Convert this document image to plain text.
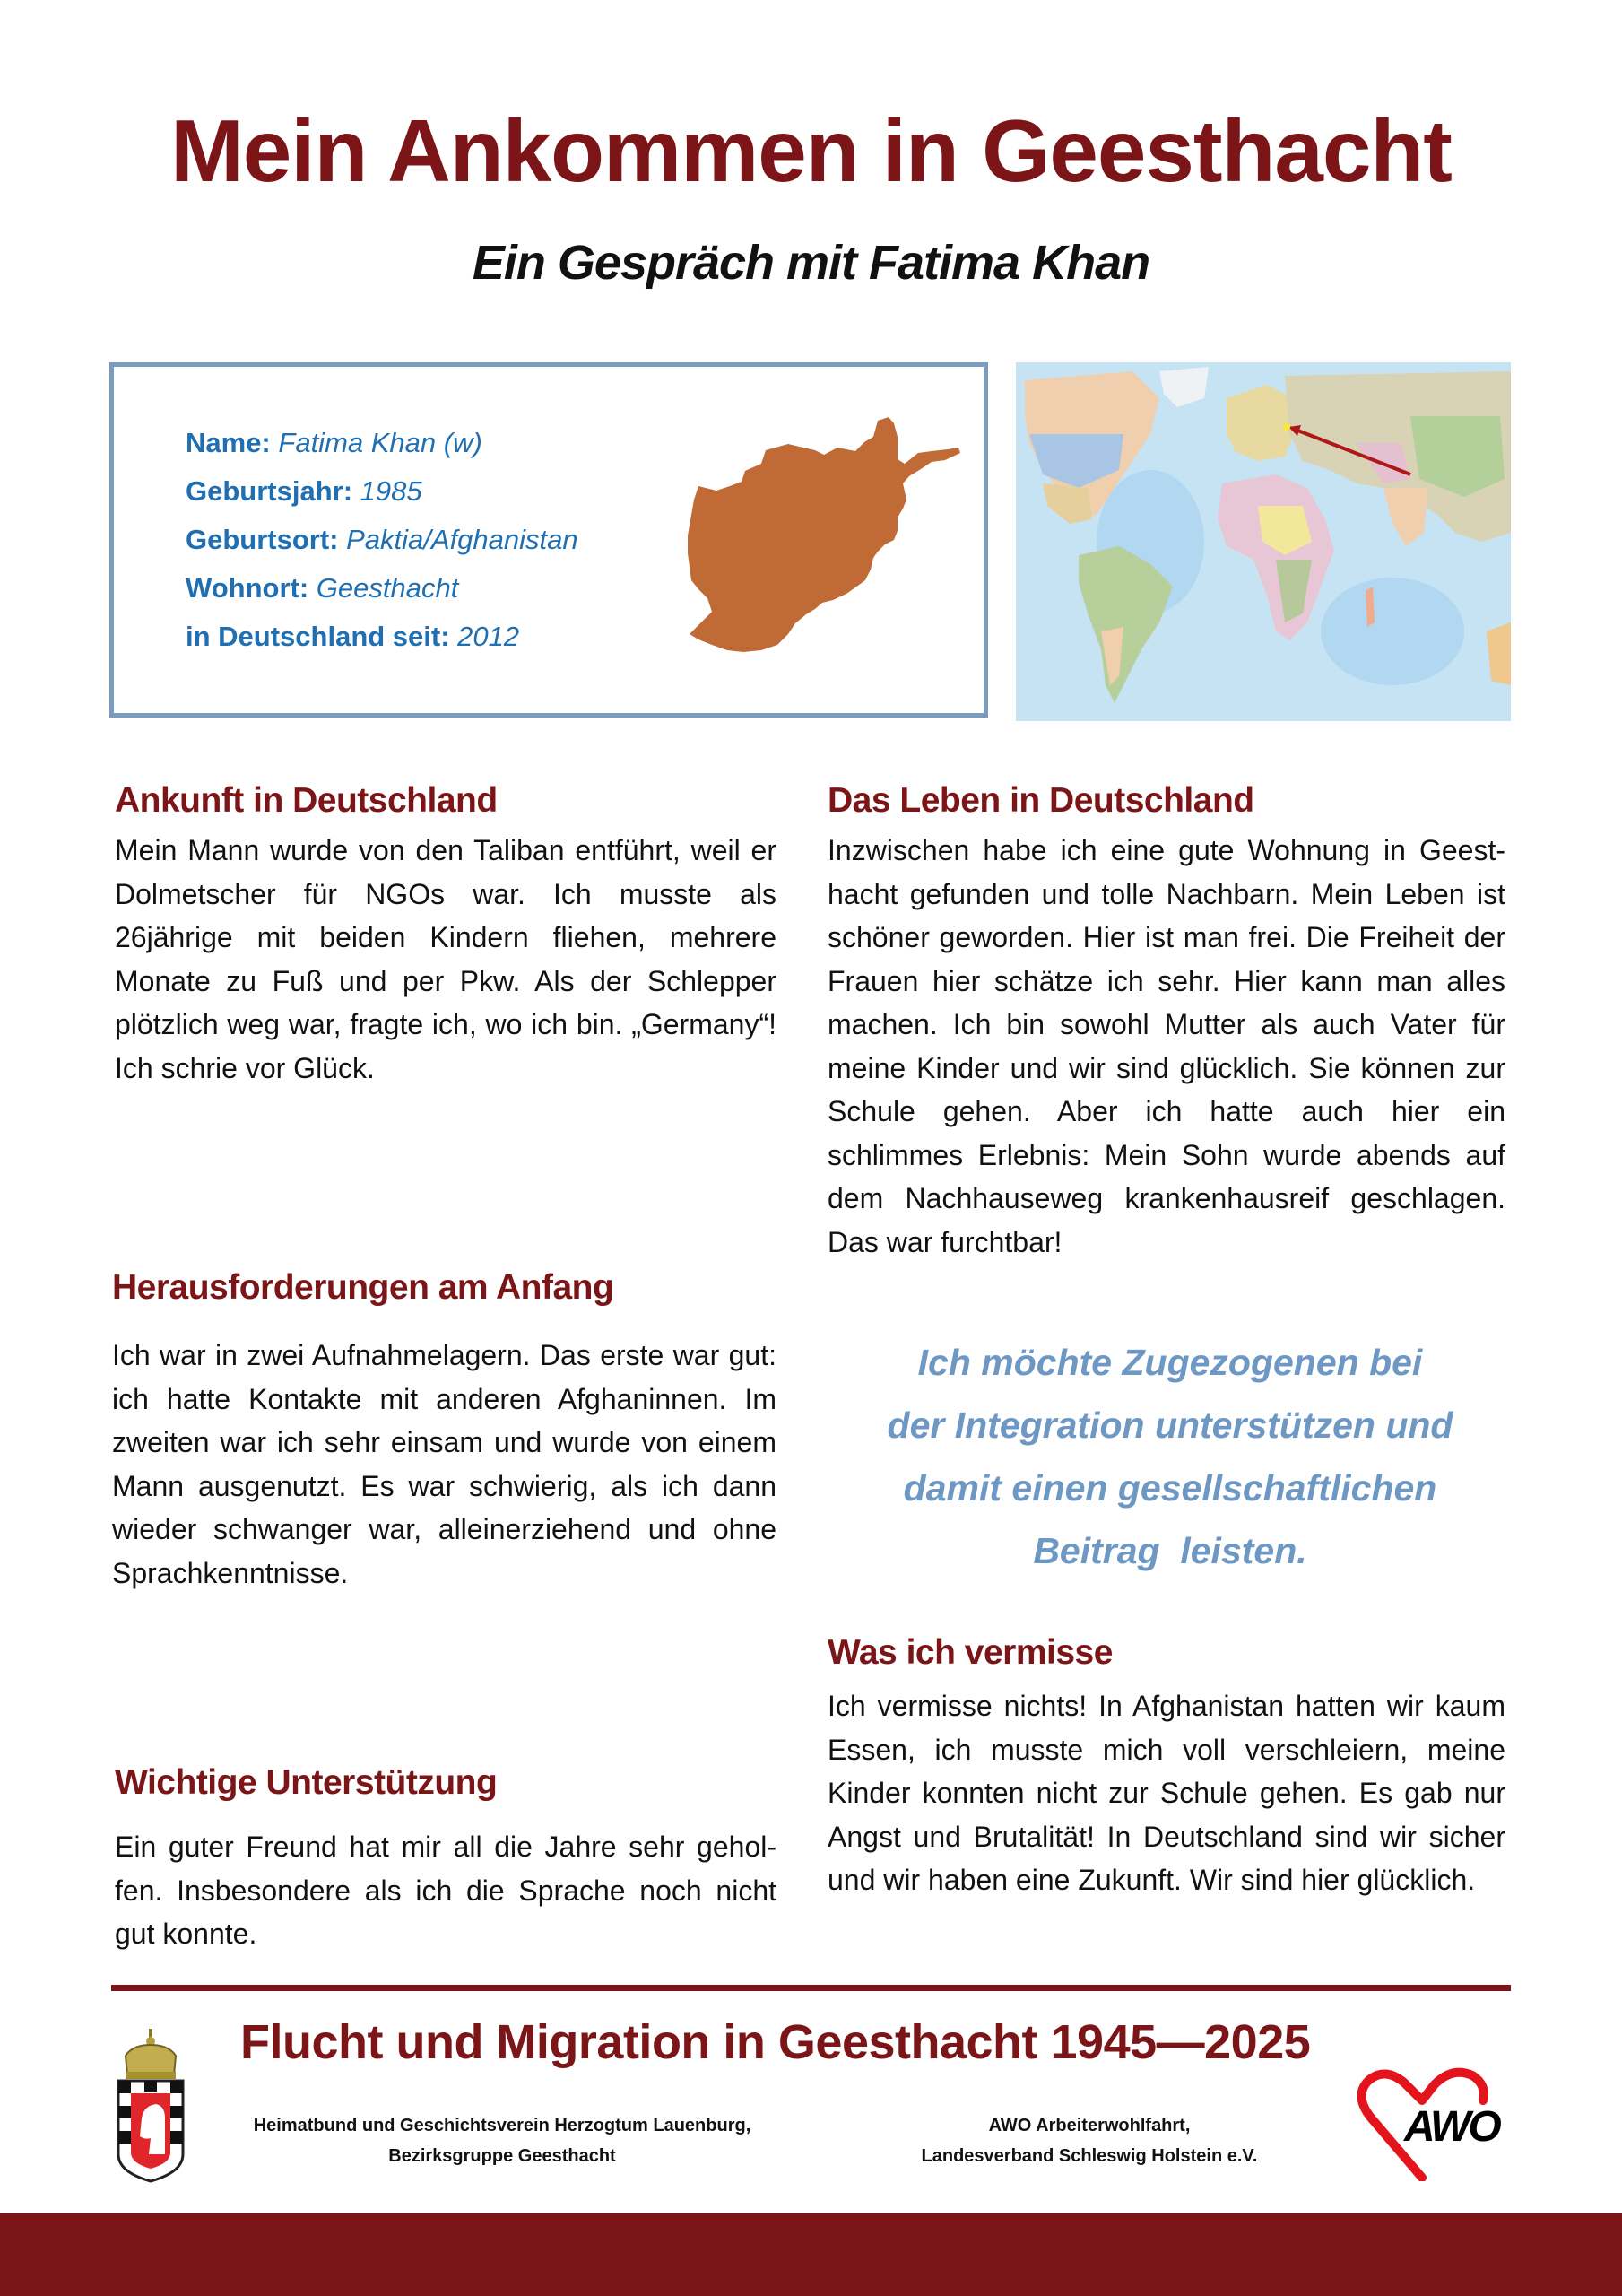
Mein Ankommen in Geesthacht
Ein Gespräch mit Fatima Khan
Name: Fatima Khan (w)
Geburtsjahr: 1985
Geburtsort: Paktia/Afghanistan
Wohnort: Geesthacht
in Deutschland seit: 2012
Ankunft in Deutschland
Mein Mann wurde von den Taliban entführt, weil er Dolmetscher für NGOs war. Ich musste als 26jährige mit beiden Kindern fliehen, mehrere Monate zu Fuß und per Pkw. Als der Schlepper plötzlich weg war, fragte ich, wo ich bin. „Germany“! Ich schrie vor Glück.
Herausforderungen am Anfang
Ich war in zwei Aufnahmelagern. Das erste war gut: ich hatte Kontakte mit anderen Afghaninnen. Im zweiten war ich sehr einsam und wurde von einem Mann ausgenutzt. Es war schwierig, als ich dann wieder schwanger war, alleinerziehend und ohne Sprachkenntnisse.
Wichtige Unterstützung
Ein guter Freund hat mir all die Jahre sehr geholfen. Insbesondere als ich die Sprache noch nicht gut konnte.
Das Leben in Deutschland
Inzwischen habe ich eine gute Wohnung in Geesthacht gefunden und tolle Nachbarn. Mein Leben ist schöner geworden. Hier ist man frei. Die Freiheit der Frauen hier schätze ich sehr. Hier kann man alles machen. Ich bin sowohl Mutter als auch Vater für meine Kinder und wir sind glücklich. Sie können zur Schule gehen. Aber ich hatte auch hier ein schlimmes Erlebnis: Mein Sohn wurde abends auf dem Nachhauseweg krankenhausreif geschlagen. Das war furchtbar!
Ich möchte Zugezogenen bei
der Integration unterstützen und
damit einen gesellschaftlichen
Beitrag  leisten.
Was ich vermisse
Ich vermisse nichts! In Afghanistan hatten wir kaum Essen, ich musste mich voll verschleiern, meine Kinder konnten nicht zur Schule gehen. Es gab nur Angst und Brutalität! In Deutschland sind wir sicher und wir haben eine Zukunft. Wir sind hier glücklich.
Flucht und Migration in Geesthacht 1945—2025
Heimatbund und Geschichtsverein Herzogtum Lauenburg,
Bezirksgruppe Geesthacht
AWO Arbeiterwohlfahrt,
Landesverband Schleswig Holstein e.V.
AWO
